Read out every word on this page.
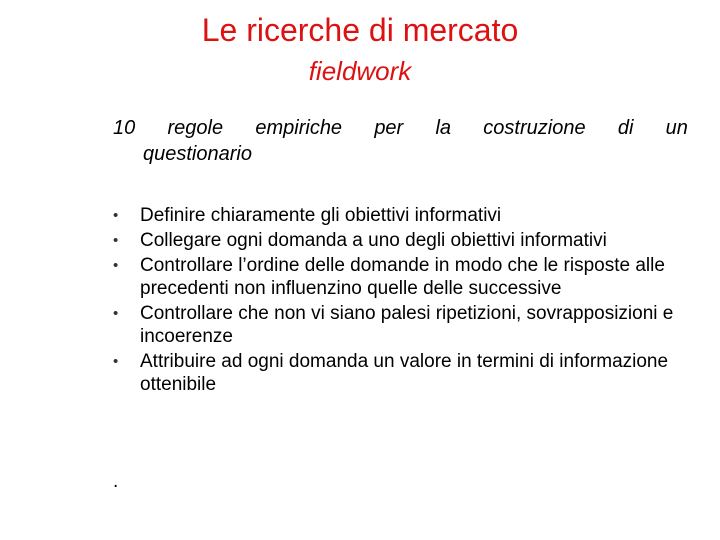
Le ricerche di mercato
fieldwork
10 regole empiriche per la costruzione di un
questionario
• Definire chiaramente gli obiettivi informativi
• Collegare ogni domanda a uno degli obiettivi informativi
• Controllare l’ordine delle domande in modo che le risposte alle precedenti non influenzino quelle delle successive
• Controllare che non vi siano palesi ripetizioni, sovrapposizioni e incoerenze
• Attribuire ad ogni domanda un valore in termini di informazione ottenibile
.
